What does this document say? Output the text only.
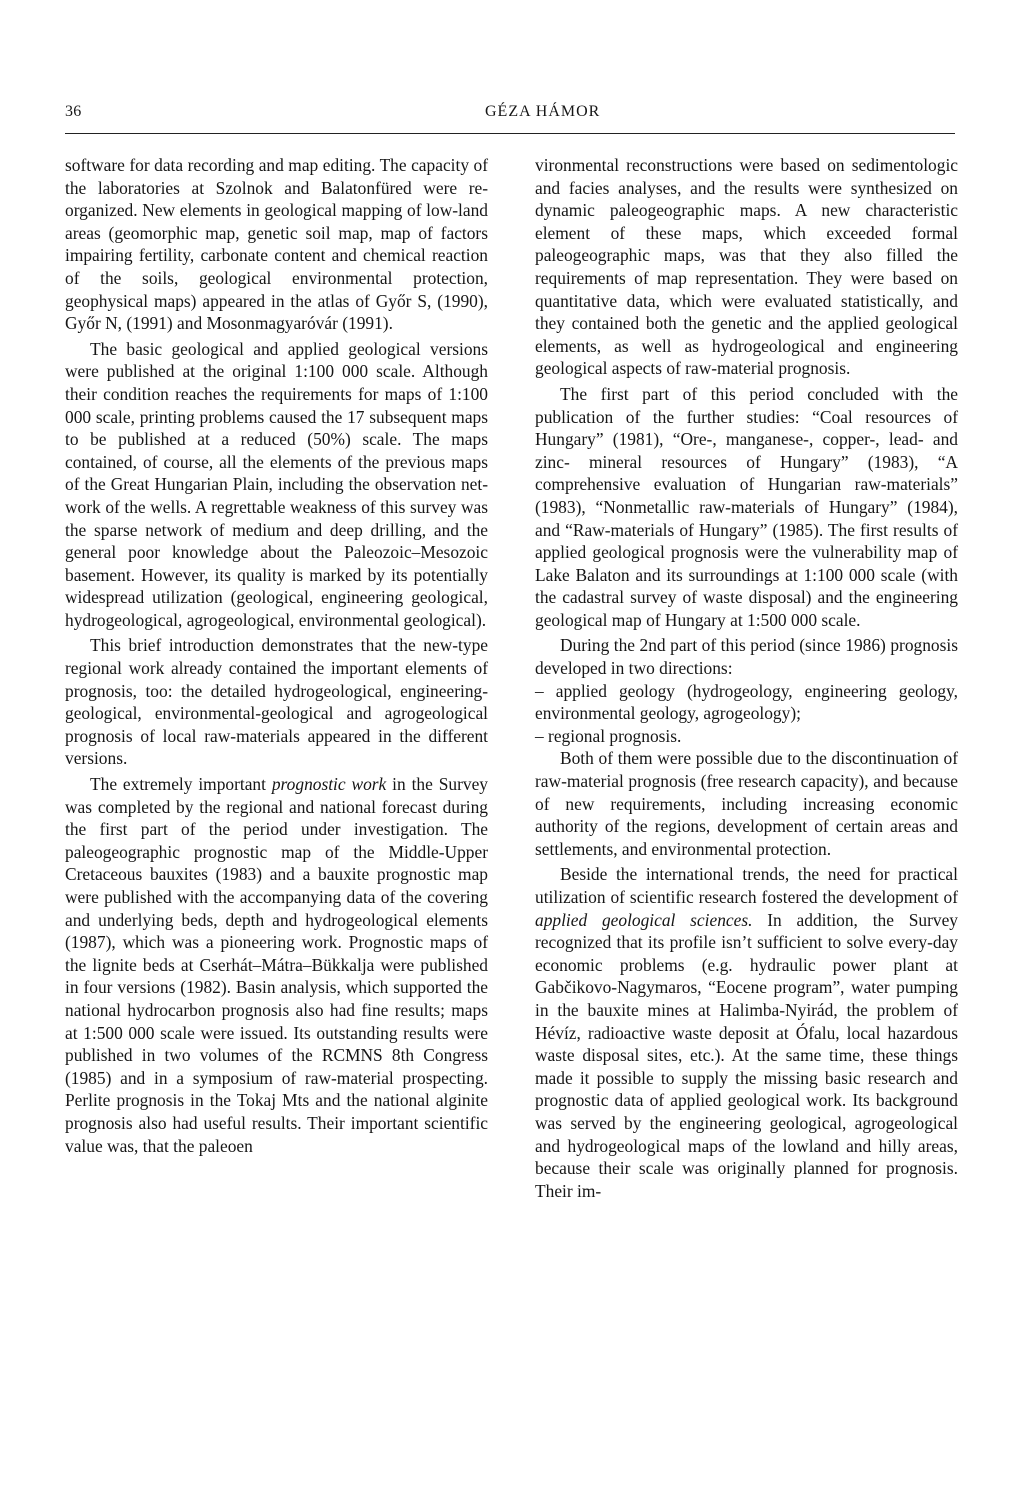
36	GÉZA HÁMOR

software for data recording and map editing. The capacity of the laboratories at Szolnok and Balatonfüred were re-organized. New elements in geological mapping of low-land areas (geomorphic map, genetic soil map, map of factors impairing fertility, carbonate content and chemical reaction of the soils, geological environmental protection, geophysical maps) appeared in the atlas of Győr S, (1990), Győr N, (1991) and Mosonmagyaróvár (1991).

The basic geological and applied geological versions were published at the original 1:100 000 scale. Although their condition reaches the requirements for maps of 1:100 000 scale, printing problems caused the 17 subsequent maps to be published at a reduced (50%) scale. The maps contained, of course, all the elements of the previous maps of the Great Hungarian Plain, including the observation network of the wells. A regrettable weakness of this survey was the sparse network of medium and deep drilling, and the general poor knowledge about the Paleozoic–Mesozoic basement. However, its quality is marked by its potentially widespread utilization (geological, engineering geological, hydrogeological, agrogeological, environmental geological).

This brief introduction demonstrates that the new-type regional work already contained the important elements of prognosis, too: the detailed hydrogeological, engineering-geological, environmental-geological and agrogeological prognosis of local raw-materials appeared in the different versions.

The extremely important prognostic work in the Survey was completed by the regional and national forecast during the first part of the period under investigation. The paleogeographic prognostic map of the Middle-Upper Cretaceous bauxites (1983) and a bauxite prognostic map were published with the accompanying data of the covering and underlying beds, depth and hydrogeological elements (1987), which was a pioneering work. Prognostic maps of the lignite beds at Cserhát–Mátra–Bükkalja were published in four versions (1982). Basin analysis, which supported the national hydrocarbon prognosis also had fine results; maps at 1:500 000 scale were issued. Its outstanding results were published in two volumes of the RCMNS 8th Congress (1985) and in a symposium of raw-material prospecting. Perlite prognosis in the Tokaj Mts and the national alginite prognosis also had useful results. Their important scientific value was, that the paleoen

vironmental reconstructions were based on sedimentologic and facies analyses, and the results were synthesized on dynamic paleogeographic maps. A new characteristic element of these maps, which exceeded formal paleogeographic maps, was that they also filled the requirements of map representation. They were based on quantitative data, which were evaluated statistically, and they contained both the genetic and the applied geological elements, as well as hydrogeological and engineering geological aspects of raw-material prognosis.

The first part of this period concluded with the publication of the further studies: “Coal resources of Hungary” (1981), “Ore-, manganese-, copper-, lead- and zinc- mineral resources of Hungary” (1983), “A comprehensive evaluation of Hungarian raw-materials” (1983), “Nonmetallic raw-materials of Hungary” (1984), and “Raw-materials of Hungary” (1985). The first results of applied geological prognosis were the vulnerability map of Lake Balaton and its surroundings at 1:100 000 scale (with the cadastral survey of waste disposal) and the engineering geological map of Hungary at 1:500 000 scale.

During the 2nd part of this period (since 1986) prognosis developed in two directions:

– applied geology (hydrogeology, engineering geology, environmental geology, agrogeology);

– regional prognosis.

Both of them were possible due to the discontinuation of raw-material prognosis (free research capacity), and because of new requirements, including increasing economic authority of the regions, development of certain areas and settlements, and environmental protection.

Beside the international trends, the need for practical utilization of scientific research fostered the development of applied geological sciences. In addition, the Survey recognized that its profile isn’t sufficient to solve every-day economic problems (e.g. hydraulic power plant at Gabčikovo-Nagymaros, “Eocene program”, water pumping in the bauxite mines at Halimba-Nyirád, the problem of Hévíz, radioactive waste deposit at Ófalu, local hazardous waste disposal sites, etc.). At the same time, these things made it possible to supply the missing basic research and prognostic data of applied geological work. Its background was served by the engineering geological, agrogeological and hydrogeological maps of the lowland and hilly areas, because their scale was originally planned for prognosis. Their im-
